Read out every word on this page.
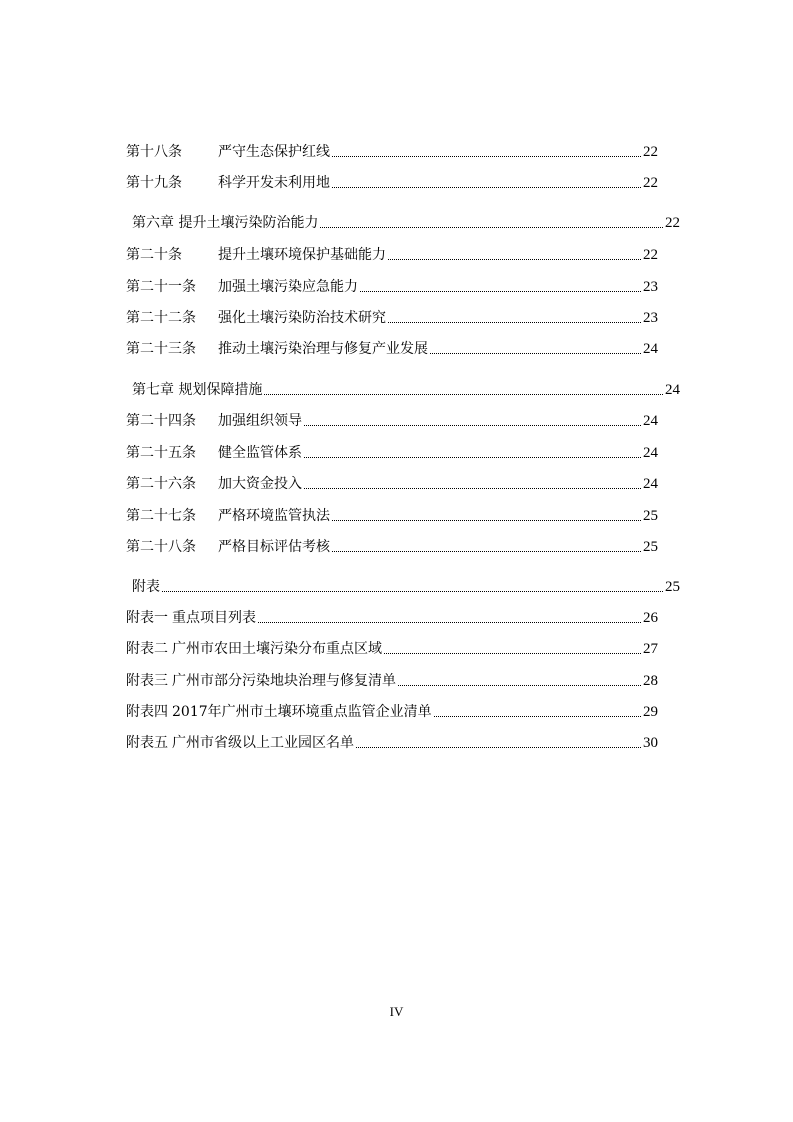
第十八条	严守生态保护红线	22
第十九条	科学开发未利用地	22
第六章 提升土壤污染防治能力	22
第二十条	提升土壤环境保护基础能力	22
第二十一条	加强土壤污染应急能力	23
第二十二条	强化土壤污染防治技术研究	23
第二十三条	推动土壤污染治理与修复产业发展	24
第七章 规划保障措施	24
第二十四条	加强组织领导	24
第二十五条	健全监管体系	24
第二十六条	加大资金投入	24
第二十七条	严格环境监管执法	25
第二十八条	严格目标评估考核	25
附表	25
附表一 重点项目列表	26
附表二 广州市农田土壤污染分布重点区域	27
附表三 广州市部分污染地块治理与修复清单	28
附表四 2017年广州市土壤环境重点监管企业清单	29
附表五 广州市省级以上工业园区名单	30
IV
